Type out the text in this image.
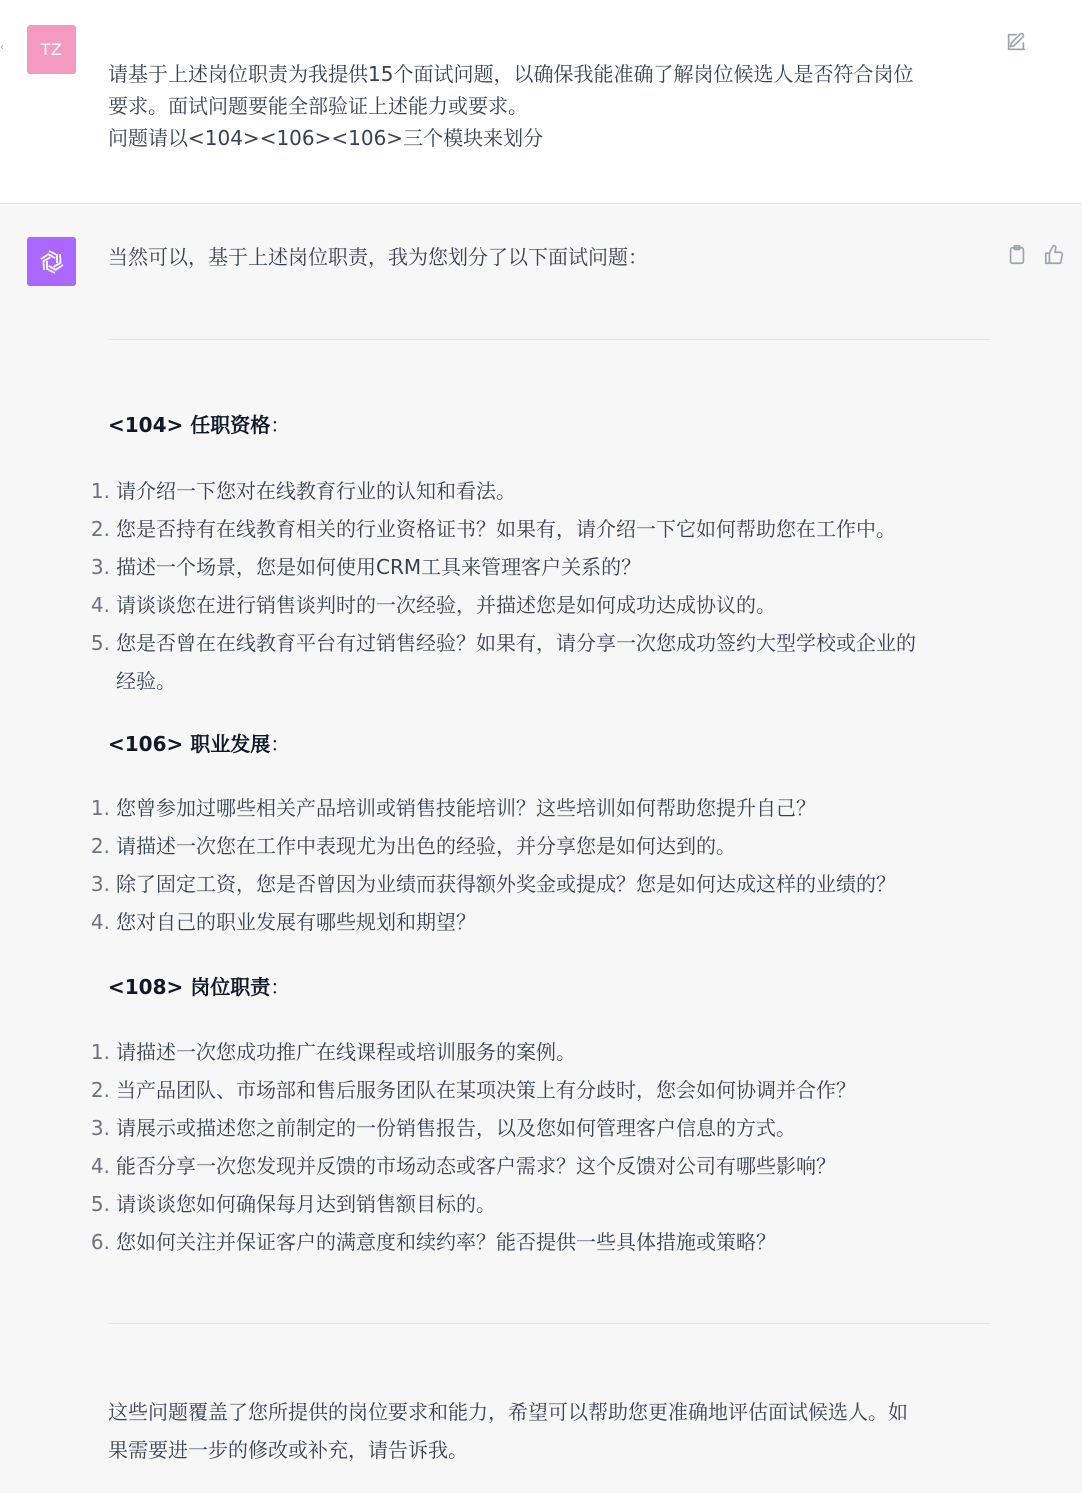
‹ TZ
请基于上述岗位职责为我提供15个面试问题，以确保我能准确了解岗位候选人是否符合岗位
要求。面试问题要能全部验证上述能力或要求。
问题请以<104><106><106>三个模块来划分
当然可以，基于上述岗位职责，我为您划分了以下面试问题：
<104> 任职资格：
1. 请介绍一下您对在线教育行业的认知和看法。
2. 您是否持有在线教育相关的行业资格证书？如果有，请介绍一下它如何帮助您在工作中。
3. 描述一个场景，您是如何使用CRM工具来管理客户关系的？
4. 请谈谈您在进行销售谈判时的一次经验，并描述您是如何成功达成协议的。
5. 您是否曾在在线教育平台有过销售经验？如果有，请分享一次您成功签约大型学校或企业的
经验。
<106> 职业发展：
1. 您曾参加过哪些相关产品培训或销售技能培训？这些培训如何帮助您提升自己？
2. 请描述一次您在工作中表现尤为出色的经验，并分享您是如何达到的。
3. 除了固定工资，您是否曾因为业绩而获得额外奖金或提成？您是如何达成这样的业绩的？
4. 您对自己的职业发展有哪些规划和期望？
<108> 岗位职责：
1. 请描述一次您成功推广在线课程或培训服务的案例。
2. 当产品团队、市场部和售后服务团队在某项决策上有分歧时，您会如何协调并合作？
3. 请展示或描述您之前制定的一份销售报告，以及您如何管理客户信息的方式。
4. 能否分享一次您发现并反馈的市场动态或客户需求？这个反馈对公司有哪些影响？
5. 请谈谈您如何确保每月达到销售额目标的。
6. 您如何关注并保证客户的满意度和续约率？能否提供一些具体措施或策略？
这些问题覆盖了您所提供的岗位要求和能力，希望可以帮助您更准确地评估面试候选人。如
果需要进一步的修改或补充，请告诉我。
